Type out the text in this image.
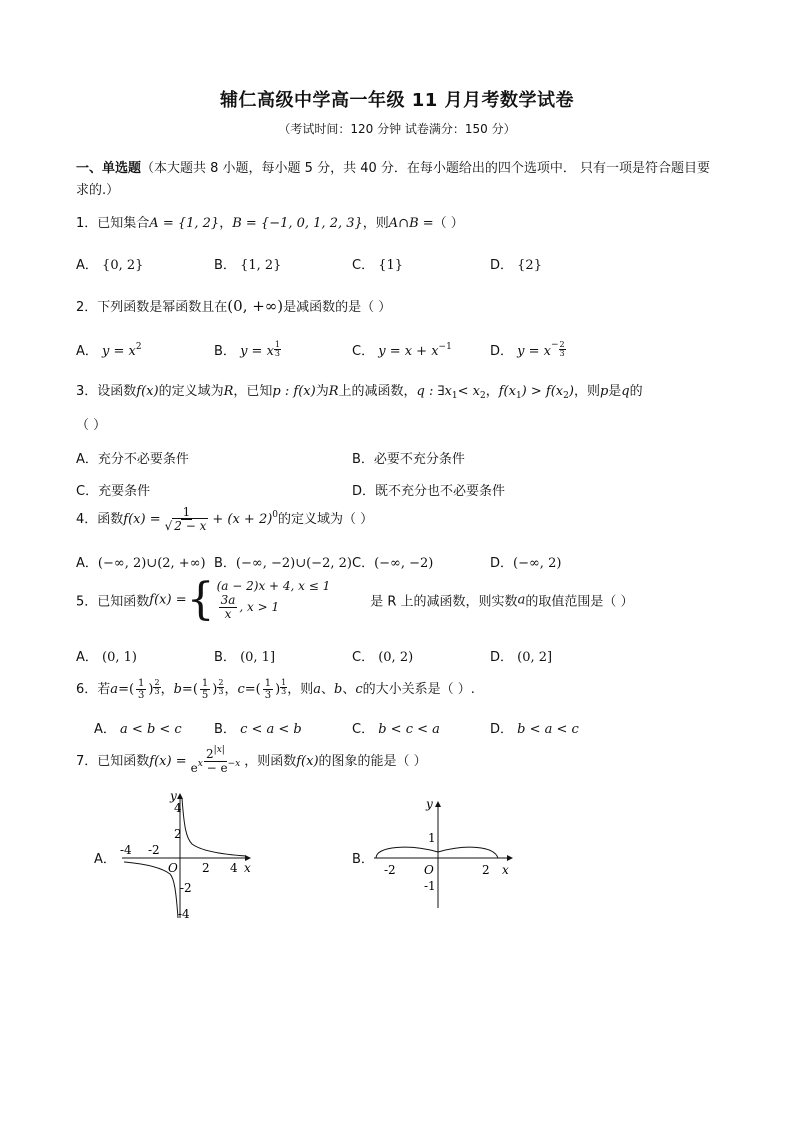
辅仁高级中学高一年级 11 月月考数学试卷
（考试时间：120 分钟 试卷满分：150 分）
一、单选题（本大题共 8 小题，每小题 5 分，共 40 分．在每小题给出的四个选项中． 只有一项是符合题目要求的.）
1．已知集合A = {1, 2}，B = {−1, 0, 1, 2, 3}，则A∩B =（ ）
A． {0, 2}	B． {1, 2}	C． {1}	D． {2}
2．下列函数是幂函数且在(0, +∞)是减函数的是（ ）
A． $y = x^2$	B． y = x $\frac{1}{3}$	C． $y = x + x^{-1}$	D． $y = x^- \frac{2}{3}$
3．设函数f(x)的定义域为R，已知p : f(x)为R上的减函数，q : $\exists x_1< x_2$，$f(x_1) > f(x_2)$，则p是q的
（ ）
A．充分不必要条件	B．必要不充分条件
C．充要条件	D．既不充分也不必要条件
4．函数$f(x) = \frac{1}{√ 2 - x} + (x + 2)^0$的定义域为（ ）
A．(−∞, 2)∪(2, +∞) B．(−∞, −2)∪(−2, 2) C．(−∞, −2)	D．(−∞, 2)
5．已知函数f(x) = { (a − 2)x + 4, x ≤ 1
$\frac{3a}{x}$ , x > 1	是 R 上的减函数，则实数a的取值范围是（ ）
A． (0, 1)	B． (0, 1]	C． (0, 2)	D． (0, 2]
6．若$a=( \frac{1}{3}$ ) $\frac{2}{3}$ ，$b=( \frac{1}{5}$ ) $\frac{2}{3}$ ，$c=( \frac{1}{3}$ ) $\frac{1}{3}$ ，则a、b、c的大小关系是（ ）.
A． a < b < c B． c < a < b	C． b < c < a	D． b < a < c
7．已知函数$f(x) = \frac{2^{|x|}}{e^x - e^{-x}}$ ，则函数f(x)的图象的能是（ ）
A．
-4 -2
2 4
4
2
-2
-4
O	x
y
B．
-2	2
1
-1
O	x
y
